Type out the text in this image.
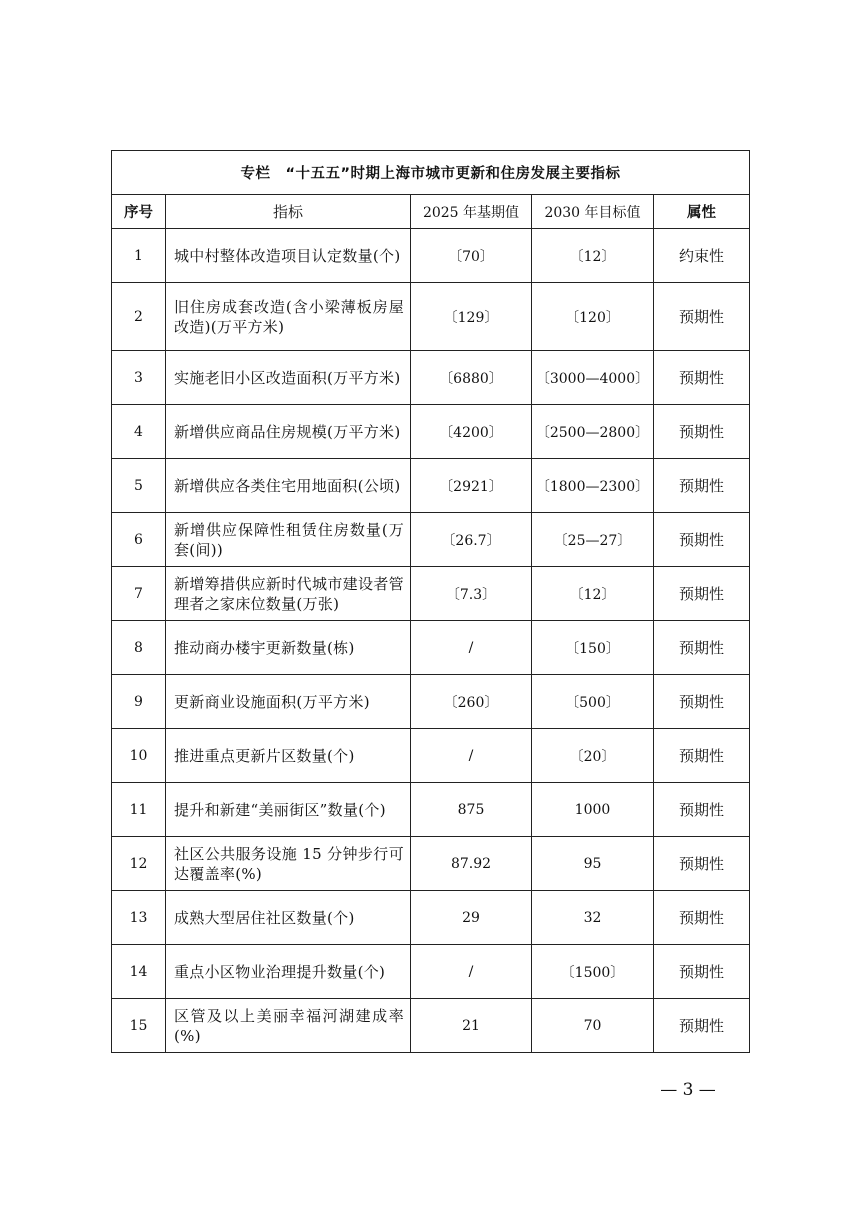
专栏　“十五五”时期上海市城市更新和住房发展主要指标				
序号	指标	2025 年基期值	2030 年目标值	属性
1	城中村整体改造项目认定数量(个)	〔70〕	〔12〕	约束性
2	旧住房成套改造(含小梁薄板房屋改造)(万平方米)	〔129〕	〔120〕	预期性
3	实施老旧小区改造面积(万平方米)	〔6880〕	〔3000—4000〕	预期性
4	新增供应商品住房规模(万平方米)	〔4200〕	〔2500—2800〕	预期性
5	新增供应各类住宅用地面积(公顷)	〔2921〕	〔1800—2300〕	预期性
6	新增供应保障性租赁住房数量(万套(间))	〔26.7〕	〔25—27〕	预期性
7	新增筹措供应新时代城市建设者管理者之家床位数量(万张)	〔7.3〕	〔12〕	预期性
8	推动商办楼宇更新数量(栋)	/	〔150〕	预期性
9	更新商业设施面积(万平方米)	〔260〕	〔500〕	预期性
10	推进重点更新片区数量(个)	/	〔20〕	预期性
11	提升和新建“美丽街区”数量(个)	875	1000	预期性
12	社区公共服务设施 15 分钟步行可达覆盖率(%)	87.92	95	预期性
13	成熟大型居住社区数量(个)	29	32	预期性
14	重点小区物业治理提升数量(个)	/	〔1500〕	预期性
15	区管及以上美丽幸福河湖建成率(%)	21	70	预期性
— 3 —
